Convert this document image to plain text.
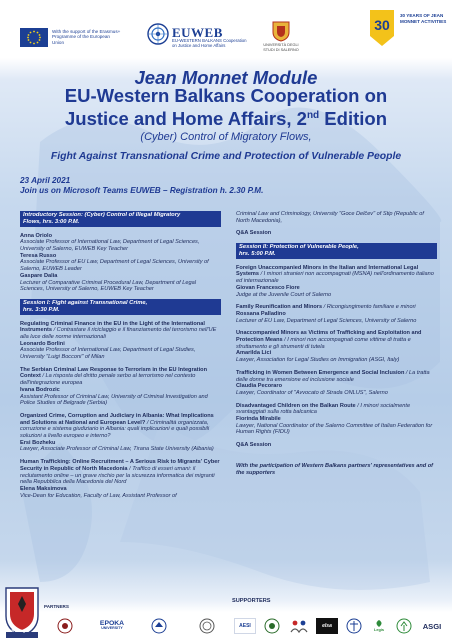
With the support of the Erasmus+ Programme of the European Union
EUWEB
EU-WESTERN BALKANS Cooperation on Justice and Home Affairs	UNIVERSITÀ DEGLI STUDI DI SALERNO
30
30 YEARS OF JEAN MONNET ACTIVITIES
Jean Monnet Module
EU-Western Balkans Cooperation on
Justice and Home Affairs, 2nd Edition
(Cyber) Control of Migratory Flows,
Fight Against Transnational Crime and Protection of Vulnerable People
23 April 2021
Join us on Microsoft Teams EUWEB – Registration h. 2.30 P.M.
Introductory Session: (Cyber) Control of Illegal Migratory
Flows, hrs. 3:00 P.M.
Anna Oriolo
Associate Professor of International Law, Department of Legal Sciences, University of Salerno, EUWEB Key Teacher
Teresa Russo
Associate Professor of EU Law, Department of Legal Sciences, University of Salerno, EUWEB Leader
Gaspare Dalia
Lecturer of Comparative Criminal Procedural Law, Department of Legal Sciences, University of Salerno, EUWEB Key Teacher
Session I: Fight against Transnational Crime,
hrs. 3:30 P.M.
Regulating Criminal Finance in the EU in the Light of the International Instruments / Contrastare il riciclaggio e il finanziamento del terrorismo nell'UE alla luce delle norme internazionali
Leonardo Borlini
Associate Professor of International Law, Department of Legal Studies, University "Luigi Bocconi" of Milan
The Serbian Criminal Law Response to Terrorism in the EU Integration Context / La risposta del diritto penale serbo al terrorismo nel contesto dell'integrazione europea
Ivana Bodrozic
Assistant Professor of Criminal Law, University of Criminal Investigation and Police Studies of Belgrade (Serbia)
Organized Crime, Corruption and Judiciary in Albania: What Implications and Solutions at National and European Level? / Criminalità organizzata, corruzione e sistema giudiziario in Albania: quali implicazioni e quali possibili soluzioni a livello europeo e interno?
Ersi Bozheku
Lawyer, Associate Professor of Criminal Law, Tirana State University (Albania)
Human Trafficking: Online Recruitment – A Serious Risk to Migrants' Cyber Security in Republic of North Macedonia / Traffico di esseri umani: il reclutamento online – un grave rischio per la sicurezza informatica dei migranti nella Repubblica della Macedonia del Nord
Elena Maksimova
Vice-Dean for Education, Faculty of Law, Assistant Professor of
Criminal Law and Criminology, University "Goce Delčev" of Stip (Republic of North Macedonia),
Q&A Session
Session II: Protection of Vulnerable People,
hrs. 5:00 P.M.
Foreign Unaccompanied Minors in the Italian and International Legal Systems / I minori stranieri non accompagnati (MSNA) nell'ordinamento italiano ed internazionale
Giovan Francesco Fiore
Judge at the Juvenile Court of Salerno
Family Reunification and Minors / Ricongiungimento familiare e minori
Rossana Palladino
Lecturer of EU Law, Department of Legal Sciences, University of Salerno
Unaccompanied Minors as Victims of Trafficking and Exploitation and Protection Means / I minori non accompagnati come vittime di tratta e sfruttamento e gli strumenti di tutela
Amarilda Lici
Lawyer, Association for Legal Studies on Immigration (ASGI, Italy)
Trafficking in Women Between Emergence and Social Inclusion / La tratta delle donne tra emersione ed inclusione sociale
Claudia Pecoraro
Lawyer, Coordinator of "Avvocato di Strada ONLUS", Salerno
Disadvantaged Children on the Balkan Route / I minori socialmente svantaggiati sulla rotta balcanica
Fiorinda Mirabile
Lawyer, National Coordinator of the Salerno Committee of Italian Federation for Human Rights (FIDU)
Q&A Session
With the participation of Western Balkans partners' representatives and of the supporters
AMIR BIBIQ
PARTNERS
EPOKA
UNIVERSITY
SUPPORTERS
AESI	elsa
Legis	ASGI
